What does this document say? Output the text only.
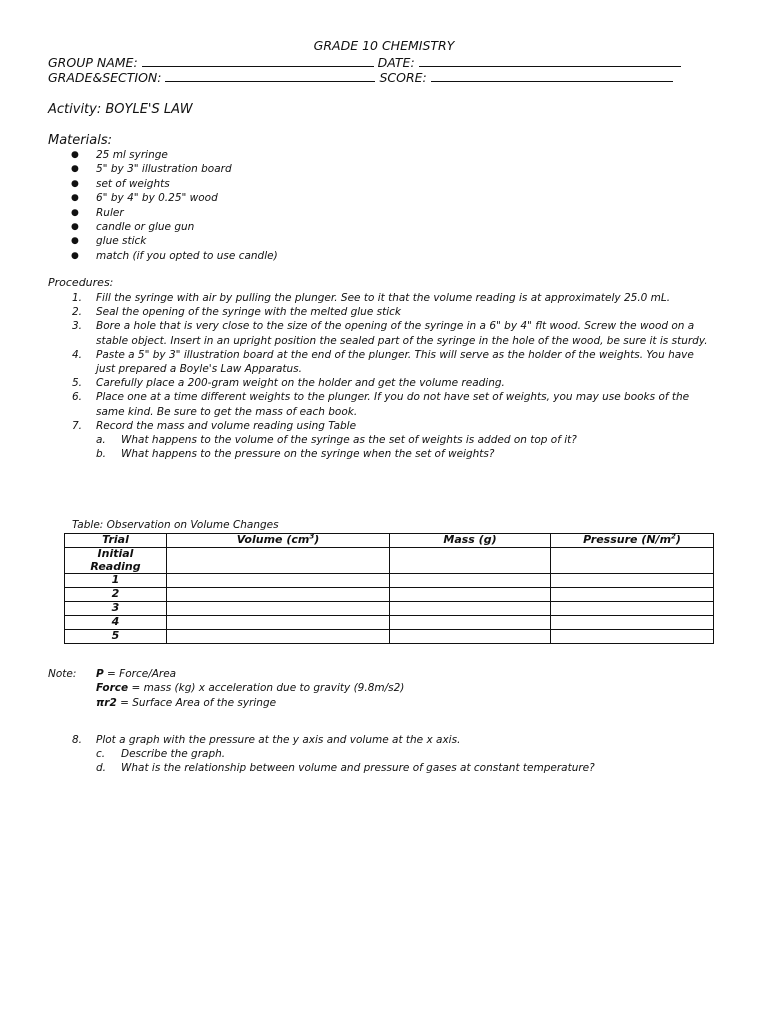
GRADE 10 CHEMISTRY
GROUP NAME:	DATE:
GRADE&SECTION:	SCORE:
Activity: BOYLE'S LAW
Materials:
● 25 ml syringe
● 5" by 3" illustration board
● set of weights
● 6" by 4" by 0.25" wood
● Ruler
● candle or glue gun
● glue stick
● match (if you opted to use candle)
Procedures:
1. Fill the syringe with air by pulling the plunger. See to it that the volume reading is at approximately 25.0 mL.
2. Seal the opening of the syringe with the melted glue stick
3. Bore a hole that is very close to the size of the opening of the syringe in a 6" by 4" flt wood. Screw the wood on a stable object. Insert in an upright position the sealed part of the syringe in the hole of the wood, be sure it is sturdy.
4. Paste a 5" by 3" illustration board at the end of the plunger. This will serve as the holder of the weights. You have just prepared a Boyle's Law Apparatus.
5. Carefully place a 200-gram weight on the holder and get the volume reading.
6. Place one at a time different weights to the plunger. If you do not have set of weights, you may use books of the same kind. Be sure to get the mass of each book.
7. Record the mass and volume reading using Table
a. What happens to the volume of the syringe as the set of weights is added on top of it?
b. What happens to the pressure on the syringe when the set of weights?
Table: Observation on Volume Changes
Trial	Volume $(cm^3)$	Mass (g)	Pressure $(N/m^2)$
Initial
Reading			
1			
2			
3			
4			
5			
Note: P = Force/Area
Force = mass (kg) x acceleration due to gravity (9.8m/s2)
πr2 = Surface Area of the syringe
8. Plot a graph with the pressure at the y axis and volume at the x axis.
c. Describe the graph.
d. What is the relationship between volume and pressure of gases at constant temperature?
